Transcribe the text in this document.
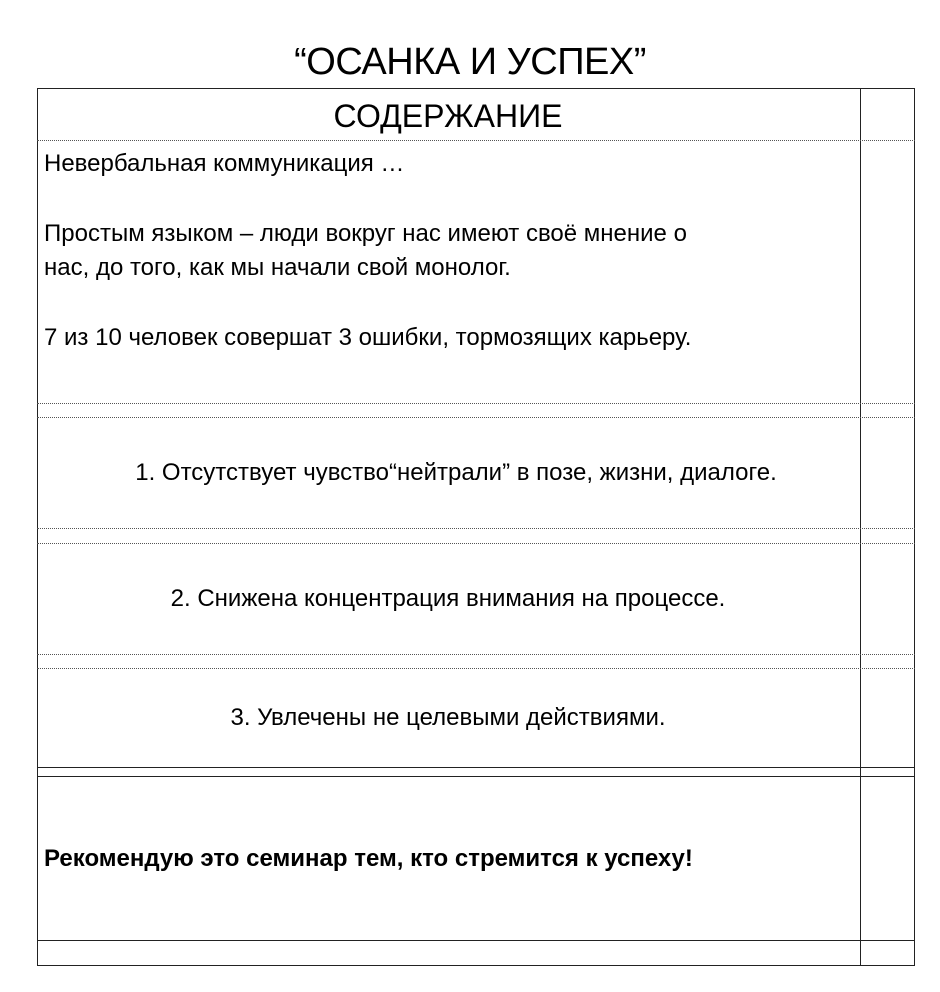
“ОСАНКА И УСПЕХ”
СОДЕРЖАНИЕ
Невербальная коммуникация …
Простым языком – люди вокруг нас имеют своё мнение о
нас, до того, как мы начали свой монолог.
7 из 10 человек совершат 3 ошибки, тормозящих карьеру.
1. Отсутствует чувство“нейтрали” в позе, жизни, диалоге.
2. Снижена концентрация внимания на процессе.
3. Увлечены не целевыми действиями.
Рекомендую это семинар тем, кто стремится к успеху!
